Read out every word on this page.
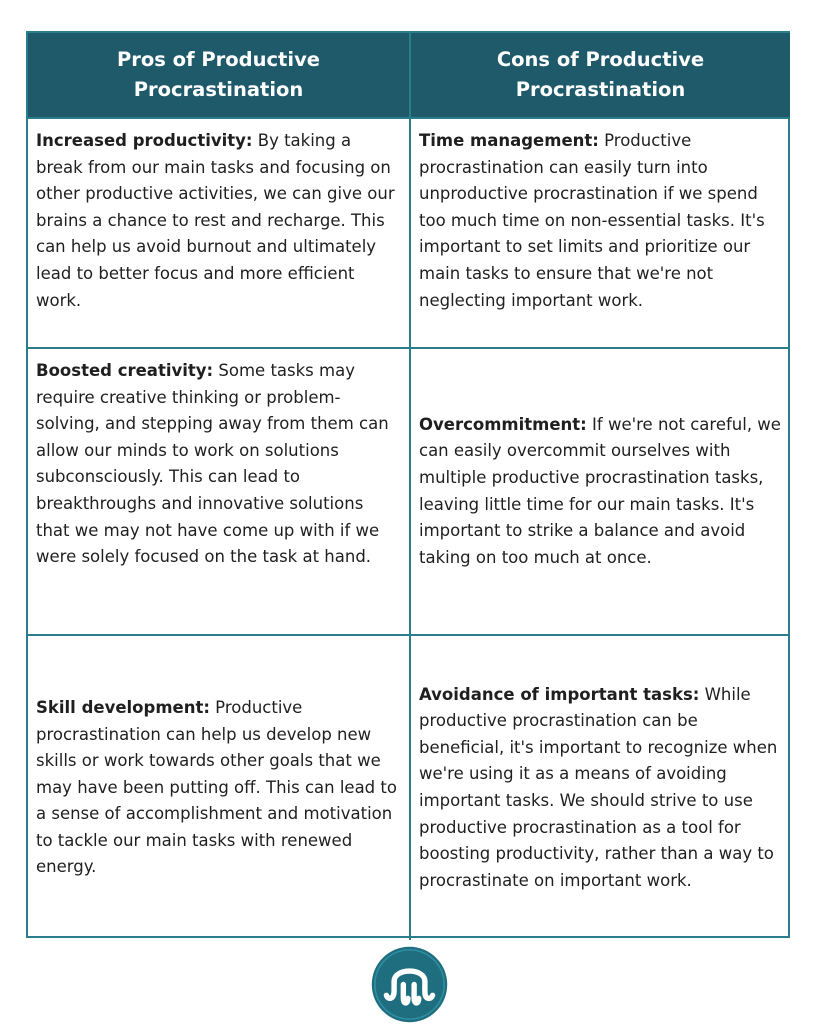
Pros of Productive Procrastination
Cons of Productive Procrastination
Increased productivity: By taking a break from our main tasks and focusing on other productive activities, we can give our brains a chance to rest and recharge. This can help us avoid burnout and ultimately lead to better focus and more efficient work.
Time management: Productive procrastination can easily turn into unproductive procrastination if we spend too much time on non-essential tasks. It's important to set limits and prioritize our main tasks to ensure that we're not neglecting important work.
Boosted creativity: Some tasks may require creative thinking or problem-solving, and stepping away from them can allow our minds to work on solutions subconsciously. This can lead to breakthroughs and innovative solutions that we may not have come up with if we were solely focused on the task at hand.
Overcommitment: If we're not careful, we can easily overcommit ourselves with multiple productive procrastination tasks, leaving little time for our main tasks. It's important to strike a balance and avoid taking on too much at once.
Skill development: Productive procrastination can help us develop new skills or work towards other goals that we may have been putting off. This can lead to a sense of accomplishment and motivation to tackle our main tasks with renewed energy.
Avoidance of important tasks: While productive procrastination can be beneficial, it's important to recognize when we're using it as a means of avoiding important tasks. We should strive to use productive procrastination as a tool for boosting productivity, rather than a way to procrastinate on important work.
